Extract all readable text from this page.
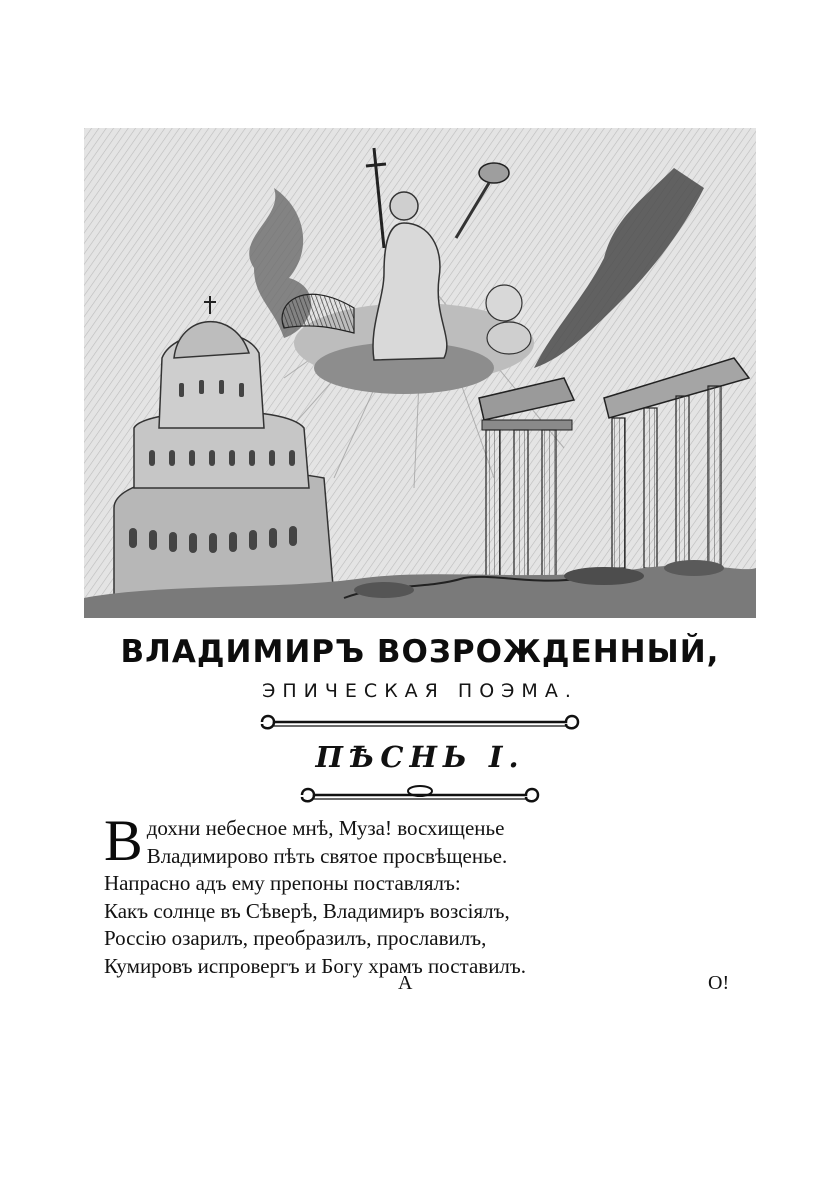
ВЛАДИМИРЪ ВОЗРОЖДЕННЫЙ,
ЭПИЧЕСКАЯ ПОЭМА.
ПѢСНЬ I.
В дохни небесное мнѣ, Муза! восхищенье
Владимирово пѣть святое просвѣщенье.
Напрасно адъ ему препоны поставлялъ:
Какъ солнце въ Сѣверѣ, Владимиръ возсiялъ,
Россiю озарилъ, преобразилъ, прославилъ,
Кумировъ испровергъ и Богу храмъ поставилъ.
А	О!
